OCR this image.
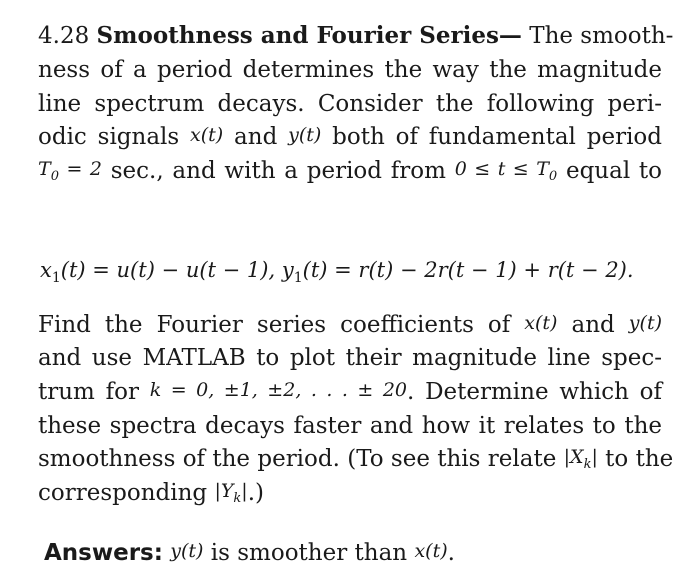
4.28 Smoothness and Fourier Series— The smooth-
ness of a period determines the way the magnitude
line spectrum decays. Consider the following peri-
odic signals x(t) and y(t) both of fundamental period
$T_0 = 2$ sec., and with a period from $0 \le t \le T_0$ equal to
$x_1(t) = u(t) - u(t - 1)$, $y_1(t) = r(t) - 2r(t - 1) + r(t - 2)$.
Find the Fourier series coefficients of x(t) and y(t)
and use MATLAB to plot their magnitude line spec-
trum for k = 0, ±1, ±2, . . . ± 20. Determine which of
these spectra decays faster and how it relates to the
smoothness of the period. (To see this relate $|X_k|$ to the
corresponding $|Y_k|$.)
Answers: y(t) is smoother than x(t).
